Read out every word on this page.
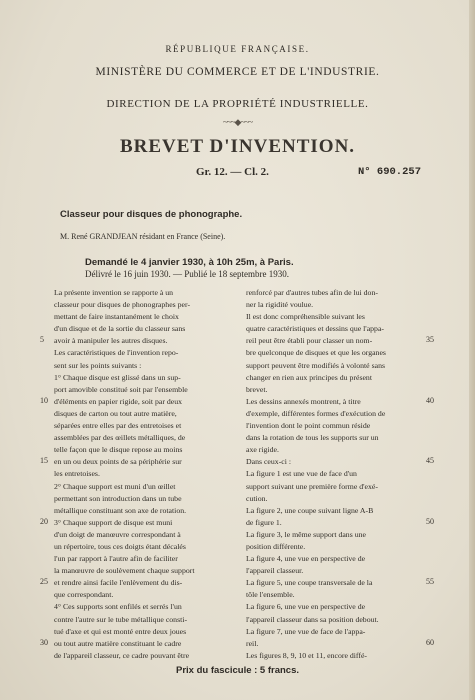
RÉPUBLIQUE FRANÇAISE.
MINISTÈRE DU COMMERCE ET DE L'INDUSTRIE.
DIRECTION DE LA PROPRIÉTÉ INDUSTRIELLE.
~~~◆~~~
BREVET D'INVENTION.
Gr. 12. — Cl. 2.	N° 690.257
Classeur pour disques de phonographe.
M. René GRANDJEAN résidant en France (Seine).
Demandé le 4 janvier 1930, à 10h 25m, à Paris.
Délivré le 16 juin 1930. — Publié le 18 septembre 1930.
La présente invention se rapporte à un
classeur pour disques de phonographes per-
mettant de faire instantanément le choix
d'un disque et de la sortie du classeur sans
avoir à manipuler les autres disques.
Les caractéristiques de l'invention repo-
sent sur les points suivants :
1° Chaque disque est glissé dans un sup-
port amovible constitué soit par l'ensemble
d'éléments en papier rigide, soit par deux
disques de carton ou tout autre matière,
séparées entre elles par des entretoises et
assemblées par des œillets métalliques, de
telle façon que le disque repose au moins
en un ou deux points de sa périphérie sur
les entretoises.
2° Chaque support est muni d'un œillet
permettant son introduction dans un tube
métallique constituant son axe de rotation.
3° Chaque support de disque est muni
d'un doigt de manœuvre correspondant à
un répertoire, tous ces doigts étant décalés
l'un par rapport à l'autre afin de faciliter
la manœuvre de soulèvement chaque support
et rendre ainsi facile l'enlèvement du dis-
que correspondant.
4° Ces supports sont enfilés et serrés l'un
contre l'autre sur le tube métallique consti-
tué d'axe et qui est monté entre deux joues
ou tout autre matière constituant le cadre
de l'appareil classeur, ce cadre pouvant être
renforcé par d'autres tubes afin de lui don-
ner la rigidité voulue.
Il est donc compréhensible suivant les
quatre caractéristiques et dessins que l'appa-
reil peut être établi pour classer un nom-
bre quelconque de disques et que les organes
support peuvent être modifiés à volonté sans
changer en rien aux principes du présent
brevet.
Les dessins annexés montrent, à titre
d'exemple, différentes formes d'exécution de
l'invention dont le point commun réside
dans la rotation de tous les supports sur un
axe rigide.
Dans ceux-ci :
La figure 1 est une vue de face d'un
support suivant une première forme d'exé-
cution.
La figure 2, une coupe suivant ligne A-B
de figure 1.
La figure 3, le même support dans une
position différente.
La figure 4, une vue en perspective de
l'appareil classeur.
La figure 5, une coupe transversale de la
tôle l'ensemble.
La figure 6, une vue en perspective de
l'appareil classeur dans sa position debout.
La figure 7, une vue de face de l'appa-
reil.
Les figures 8, 9, 10 et 11, encore diffé-
5
10
15
20
25
30
35
40
45
50
55
60
Prix du fascicule : 5 francs.
